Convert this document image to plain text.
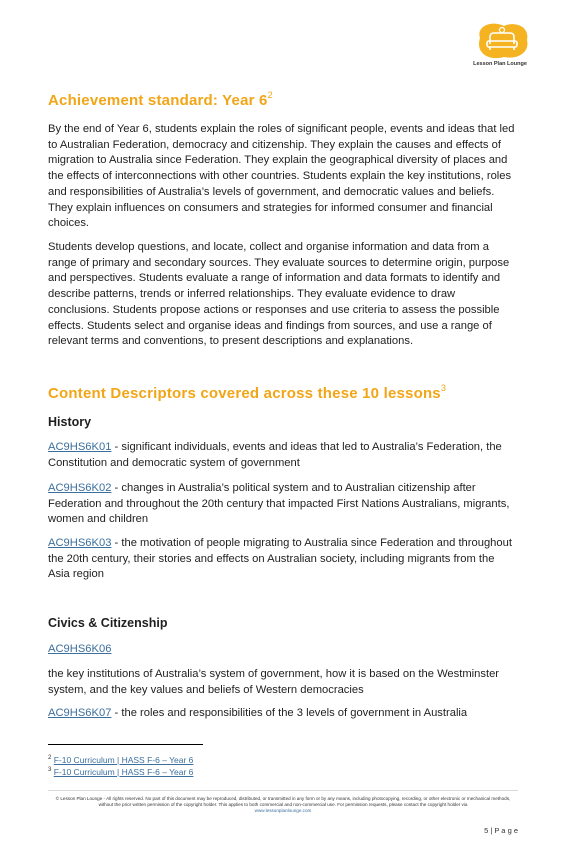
Lesson Plan Lounge
Achievement standard: Year $6^2$

By the end of Year 6, students explain the roles of significant people, events and ideas that led to Australian Federation, democracy and citizenship. They explain the causes and effects of migration to Australia since Federation. They explain the geographical diversity of places and the effects of interconnections with other countries. Students explain the key institutions, roles and responsibilities of Australia’s levels of government, and democratic values and beliefs. They explain influences on consumers and strategies for informed consumer and financial choices.

Students develop questions, and locate, collect and organise information and data from a range of primary and secondary sources. They evaluate sources to determine origin, purpose and perspectives. Students evaluate a range of information and data formats to identify and describe patterns, trends or inferred relationships. They evaluate evidence to draw conclusions. Students propose actions or responses and use criteria to assess the possible effects. Students select and organise ideas and findings from sources, and use a range of relevant terms and conventions, to present descriptions and explanations.

Content Descriptors covered across these 10 lessons$^3$

History

AC9HS6K01 - significant individuals, events and ideas that led to Australia’s Federation, the Constitution and democratic system of government

AC9HS6K02 - changes in Australia’s political system and to Australian citizenship after Federation and throughout the 20th century that impacted First Nations Australians, migrants, women and children

AC9HS6K03 - the motivation of people migrating to Australia since Federation and throughout the 20th century, their stories and effects on Australian society, including migrants from the Asia region

Civics & Citizenship

AC9HS6K06

the key institutions of Australia’s system of government, how it is based on the Westminster system, and the key values and beliefs of Western democracies

AC9HS6K07 - the roles and responsibilities of the 3 levels of government in Australia

$^2$ F-10 Curriculum | HASS F-6 – Year 6
$^3$ F-10 Curriculum | HASS F-6 – Year 6
© Lesson Plan Lounge - All rights reserved. No part of this document may be reproduced, distributed, or transmitted in any form or by any means, including photocopying, recording, or other electronic or mechanical methods, without the prior written permission of the copyright holder. This applies to both commercial and non-commercial use. For permission requests, please contact the copyright holder via
www.lessonplanlounge.com
5 | P a g e
